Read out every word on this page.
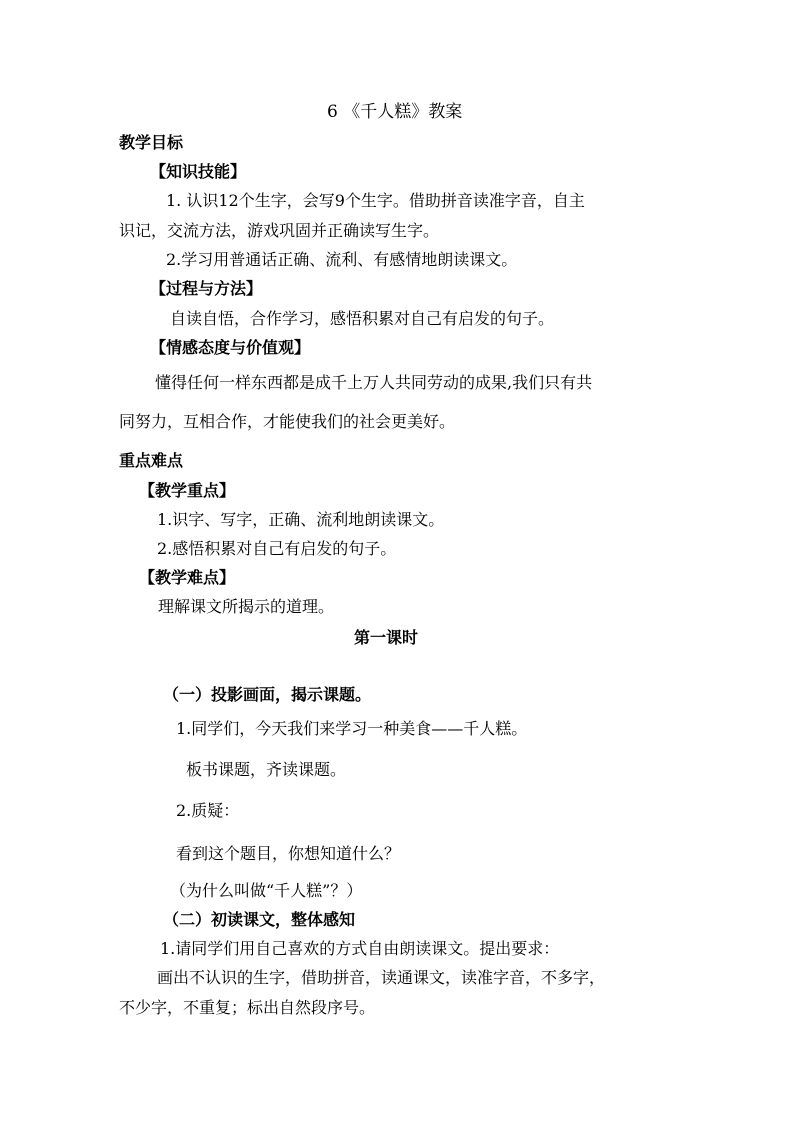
6 《千人糕》教案
教学目标
【知识技能】
1. 认识12个生字，会写9个生字。借助拼音读准字音，自主
识记，交流方法，游戏巩固并正确读写生字。
2.学习用普通话正确、流利、有感情地朗读课文。
【过程与方法】
自读自悟，合作学习，感悟积累对自己有启发的句子。
【情感态度与价值观】
懂得任何一样东西都是成千上万人共同劳动的成果,我们只有共
同努力，互相合作，才能使我们的社会更美好。
重点难点
【教学重点】
1.识字、写字，正确、流利地朗读课文。
2.感悟积累对自己有启发的句子。
【教学难点】
理解课文所揭示的道理。
第一课时
（一）投影画面，揭示课题。
1.同学们，今天我们来学习一种美食——千人糕。
板书课题，齐读课题。
2.质疑：
看到这个题目，你想知道什么？
（为什么叫做“千人糕”？）
（二）初读课文，整体感知
1.请同学们用自己喜欢的方式自由朗读课文。提出要求：
画出不认识的生字，借助拼音，读通课文，读准字音，不多字，
不少字，不重复；标出自然段序号。
